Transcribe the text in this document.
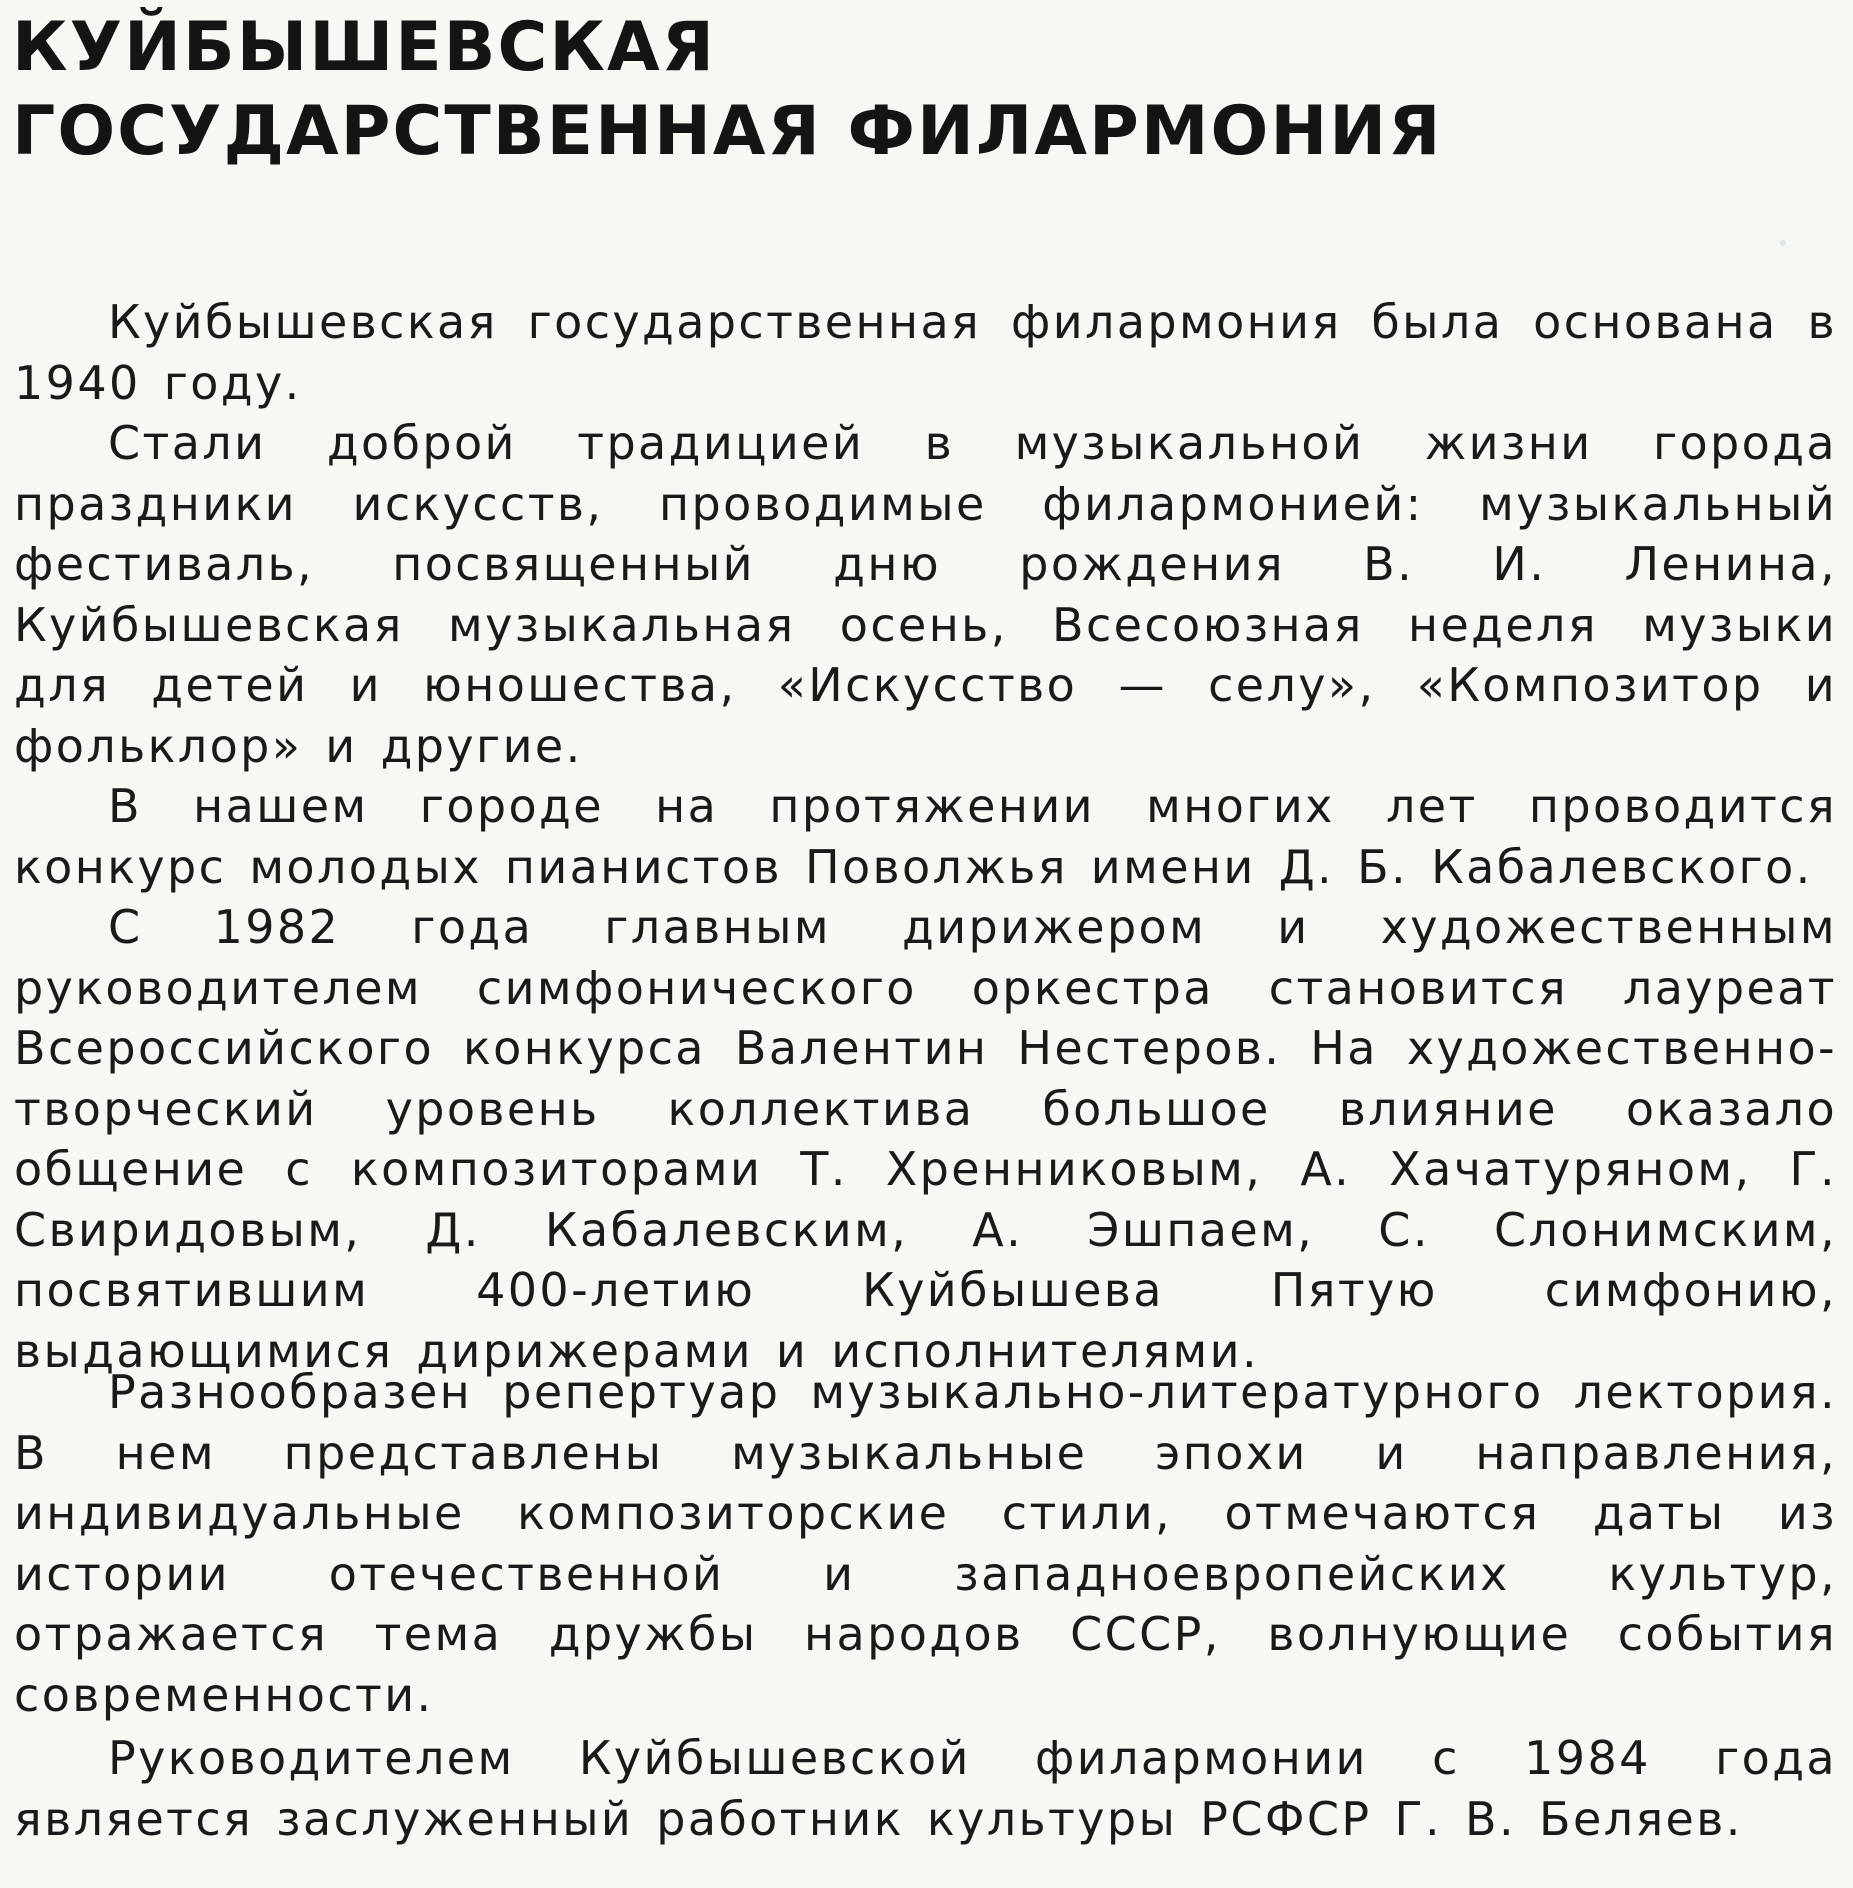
КУЙБЫШЕВСКАЯ
ГОСУДАРСТВЕННАЯ ФИЛАРМОНИЯ

Куйбышевская государственная филармония была основана в 1940 году.

Стали доброй традицией в музыкальной жизни города праздники искусств, проводимые филармонией: музыкальный фестиваль, посвященный дню рождения В. И. Ленина, Куйбышевская музыкальная осень, Всесоюзная неделя музыки для детей и юношества, «Искусство — селу», «Композитор и фольклор» и другие.

В нашем городе на протяжении многих лет проводится конкурс молодых пианистов Поволжья имени Д. Б. Кабалевского.

С 1982 года главным дирижером и художественным руководителем симфонического оркестра становится лауреат Всероссийского конкурса Валентин Нестеров. На художественно-творческий уровень коллектива большое влияние оказало общение с композиторами Т. Хренниковым, А. Хачатуряном, Г. Свиридовым, Д. Кабалевским, А. Эшпаем, С. Слонимским, посвятившим 400-летию Куйбышева Пятую симфонию, выдающимися дирижерами и исполнителями.

Разнообразен репертуар музыкально-литературного лектория. В нем представлены музыкальные эпохи и направления, индивидуальные композиторские стили, отмечаются даты из истории отечественной и западноевропейских культур, отражается тема дружбы народов СССР, волнующие события современности.

Руководителем Куйбышевской филармонии с 1984 года является заслуженный работник культуры РСФСР Г. В. Беляев.
